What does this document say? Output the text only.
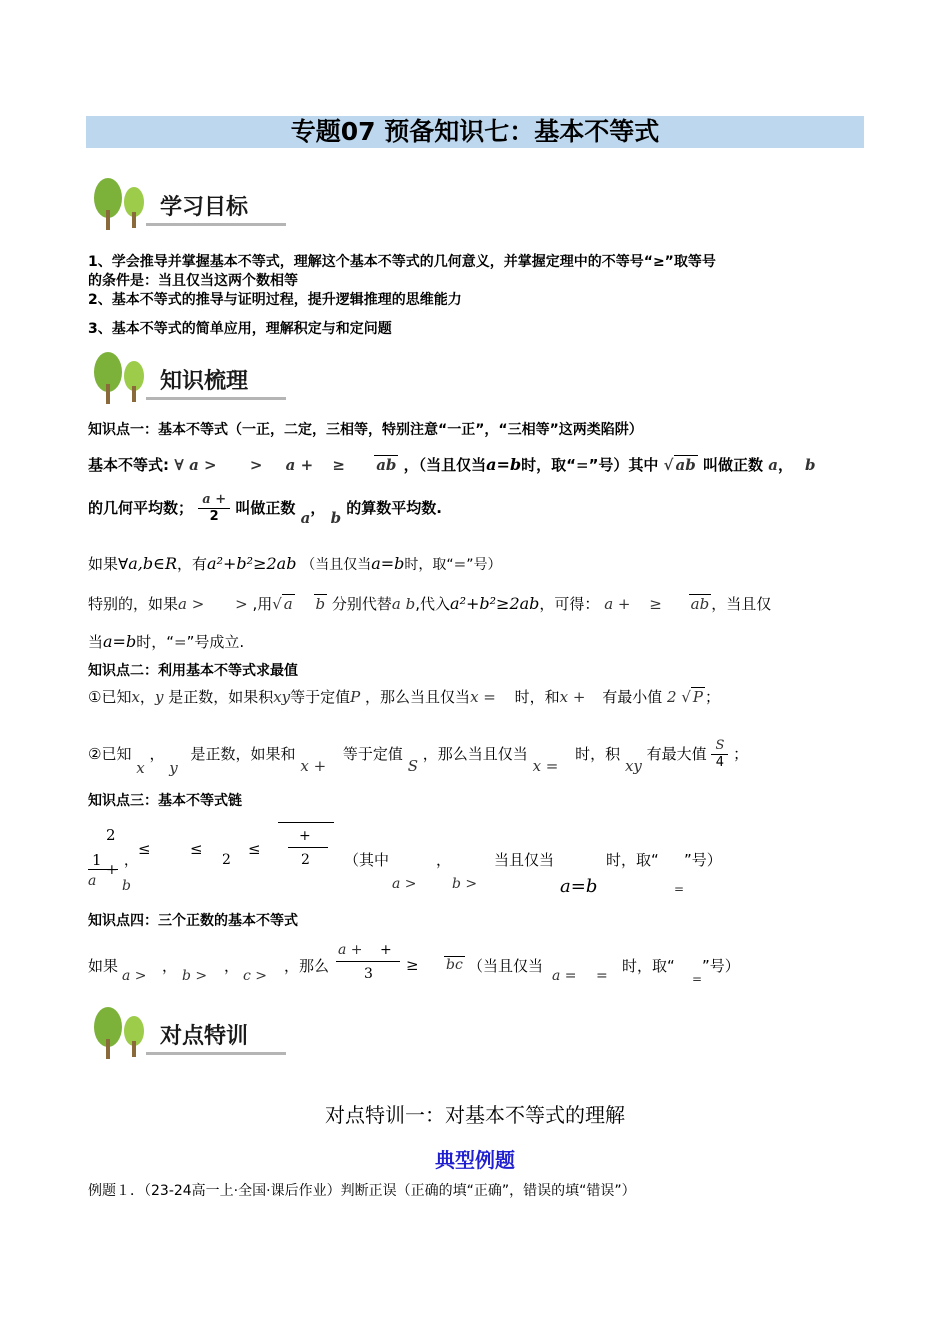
专题07 预备知识七：基本不等式
学习目标
1、学会推导并掌握基本不等式，理解这个基本不等式的几何意义，并掌握定理中的不等号“≥”取等号
的条件是：当且仅当这两个数相等
2、基本不等式的推导与证明过程，提升逻辑推理的思维能力
3、基本不等式的简单应用，理解积定与和定问题
知识梳理
知识点一：基本不等式（一正，二定，三相等，特别注意“一正”，“三相等”这两类陷阱）
基本不等式: ∀ a > > a + ≥ ab ，（当且仅当a=b时，取“=”号）其中 √ ab 叫做正数 a， b
的几何平均数； $\frac{a +}{2}$ 叫做正数 a， b 的算数平均数.
如果∀a,b∈R，有a²+b²≥2ab （当且仅当a=b时，取“=”号）
特别的，如果a > > ,用√ a b 分别代替a b,代入a²+b²≥2ab，可得： a + ≥ ab ，当且仅
当a=b时，“=”号成立.
知识点二：利用基本不等式求最值
①已知x，y 是正数，如果积xy等于定值P ，那么当且仅当x = 时，和x + 有最小值 2 √ P ；
②已知 x ， y 是正数，如果和 x + 等于定值 S ，那么当且仅当 x = 时，积 xy 有最大值 $\frac{S}{4}$ ；
知识点三：基本不等式链
2
1
a
+
b
，
≤	≤
2
≤
+
2 （其中
a >
，
b >
当且仅当
a=b
时，取“
=
”号）
知识点四：三个正数的基本不等式
如果
a >
，
b >
，
c >
，那么
a + +
3 ≥ bc （当且仅当
a = =
时，取“
=
”号）
对点特训
对点特训一：对基本不等式的理解
典型例题
例题１．（23-24高一上·全国·课后作业）判断正误（正确的填“正确”，错误的填“错误”）
